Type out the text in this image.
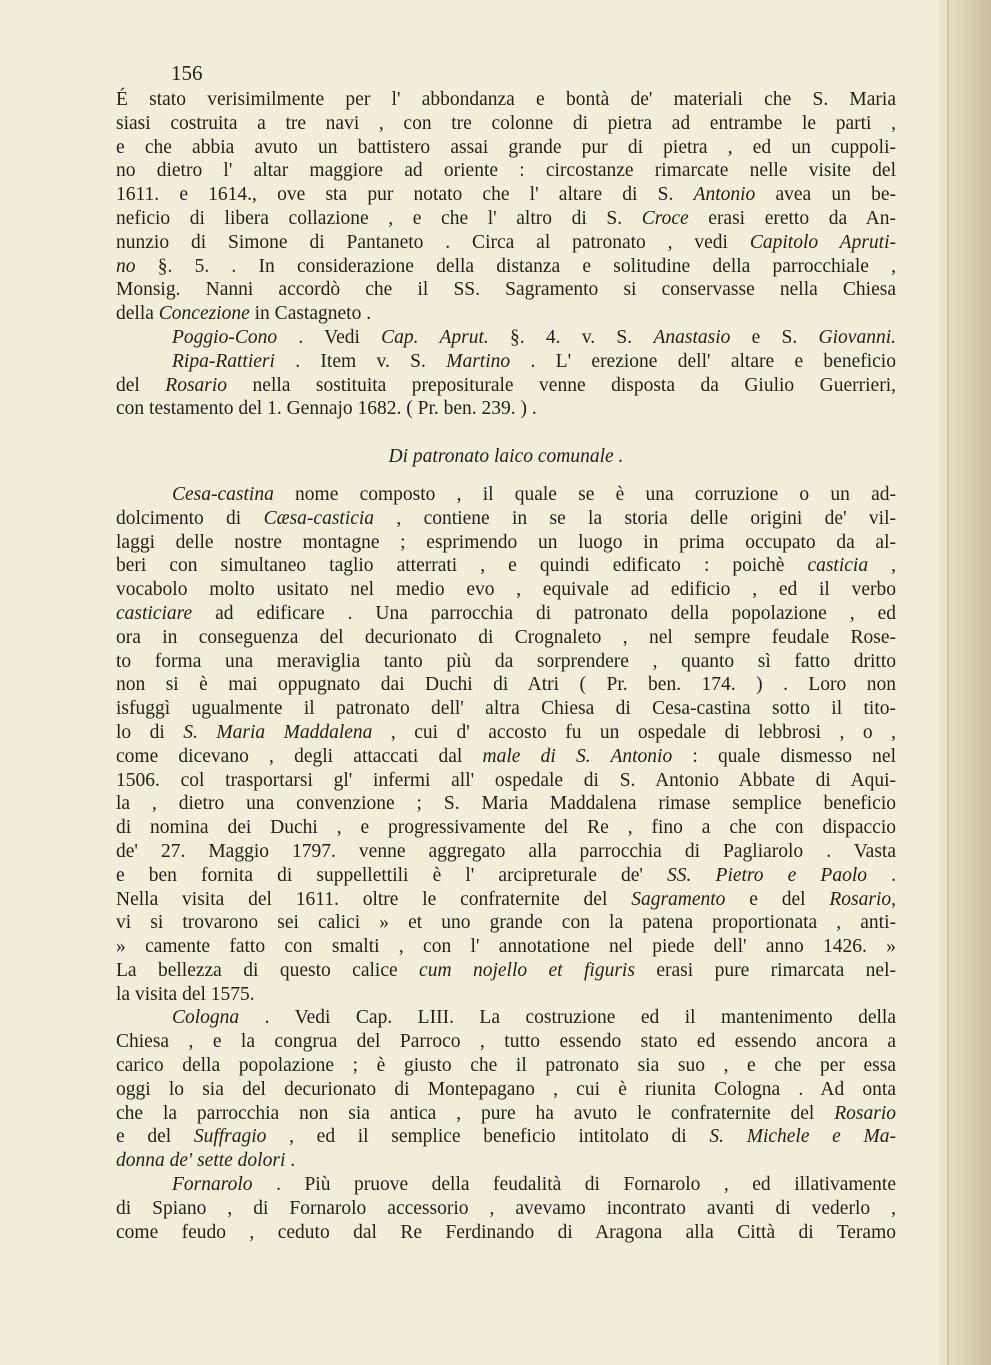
156
É stato verisimilmente per l' abbondanza e bontà de' materiali che S. Maria
siasi costruita a tre navi , con tre colonne di pietra ad entrambe le parti ,
e che abbia avuto un battistero assai grande pur di pietra , ed un cuppoli-
no dietro l' altar maggiore ad oriente : circostanze rimarcate nelle visite del
1611. e 1614., ove sta pur notato che l' altare di S. Antonio avea un be-
neficio di libera collazione , e che l' altro di S. Croce erasi eretto da An-
nunzio di Simone di Pantaneto . Circa al patronato , vedi Capitolo Apruti-
no §. 5. . In considerazione della distanza e solitudine della parrocchiale ,
Monsig. Nanni accordò che il SS. Sagramento si conservasse nella Chiesa
della Concezione in Castagneto .
Poggio-Cono . Vedi Cap. Aprut. §. 4. v. S. Anastasio e S. Giovanni.
Ripa-Rattieri . Item v. S. Martino . L' erezione dell' altare e beneficio
del Rosario nella sostituita prepositurale venne disposta da Giulio Guerrieri,
con testamento del 1. Gennajo 1682. ( Pr. ben. 239. ) .
Di patronato laico comunale .
Cesa-castina nome composto , il quale se è una corruzione o un ad-
dolcimento di Cæsa-casticia , contiene in se la storia delle origini de' vil-
laggi delle nostre montagne ; esprimendo un luogo in prima occupato da al-
beri con simultaneo taglio atterrati , e quindi edificato : poichè casticia ,
vocabolo molto usitato nel medio evo , equivale ad edificio , ed il verbo
casticiare ad edificare . Una parrocchia di patronato della popolazione , ed
ora in conseguenza del decurionato di Crognaleto , nel sempre feudale Rose-
to forma una meraviglia tanto più da sorprendere , quanto sì fatto dritto
non si è mai oppugnato dai Duchi di Atri ( Pr. ben. 174. ) . Loro non
isfuggì ugualmente il patronato dell' altra Chiesa di Cesa-castina sotto il tito-
lo di S. Maria Maddalena , cui d' accosto fu un ospedale di lebbrosi , o ,
come dicevano , degli attaccati dal male di S. Antonio : quale dismesso nel
1506. col trasportarsi gl' infermi all' ospedale di S. Antonio Abbate di Aqui-
la , dietro una convenzione ; S. Maria Maddalena rimase semplice beneficio
di nomina dei Duchi , e progressivamente del Re , fino a che con dispaccio
de' 27. Maggio 1797. venne aggregato alla parrocchia di Pagliarolo . Vasta
e ben fornita di suppellettili è l' arcipreturale de' SS. Pietro e Paolo .
Nella visita del 1611. oltre le confraternite del Sagramento e del Rosario,
vi si trovarono sei calici » et uno grande con la patena proportionata , anti-
» camente fatto con smalti , con l' annotatione nel piede dell' anno 1426. »
La bellezza di questo calice cum nojello et figuris erasi pure rimarcata nel-
la visita del 1575.
Cologna . Vedi Cap. LIII. La costruzione ed il mantenimento della
Chiesa , e la congrua del Parroco , tutto essendo stato ed essendo ancora a
carico della popolazione ; è giusto che il patronato sia suo , e che per essa
oggi lo sia del decurionato di Montepagano , cui è riunita Cologna . Ad onta
che la parrocchia non sia antica , pure ha avuto le confraternite del Rosario
e del Suffragio , ed il semplice beneficio intitolato di S. Michele e Ma-
donna de' sette dolori .
Fornarolo . Più pruove della feudalità di Fornarolo , ed illativamente
di Spiano , di Fornarolo accessorio , avevamo incontrato avanti di vederlo ,
come feudo , ceduto dal Re Ferdinando di Aragona alla Città di Teramo
